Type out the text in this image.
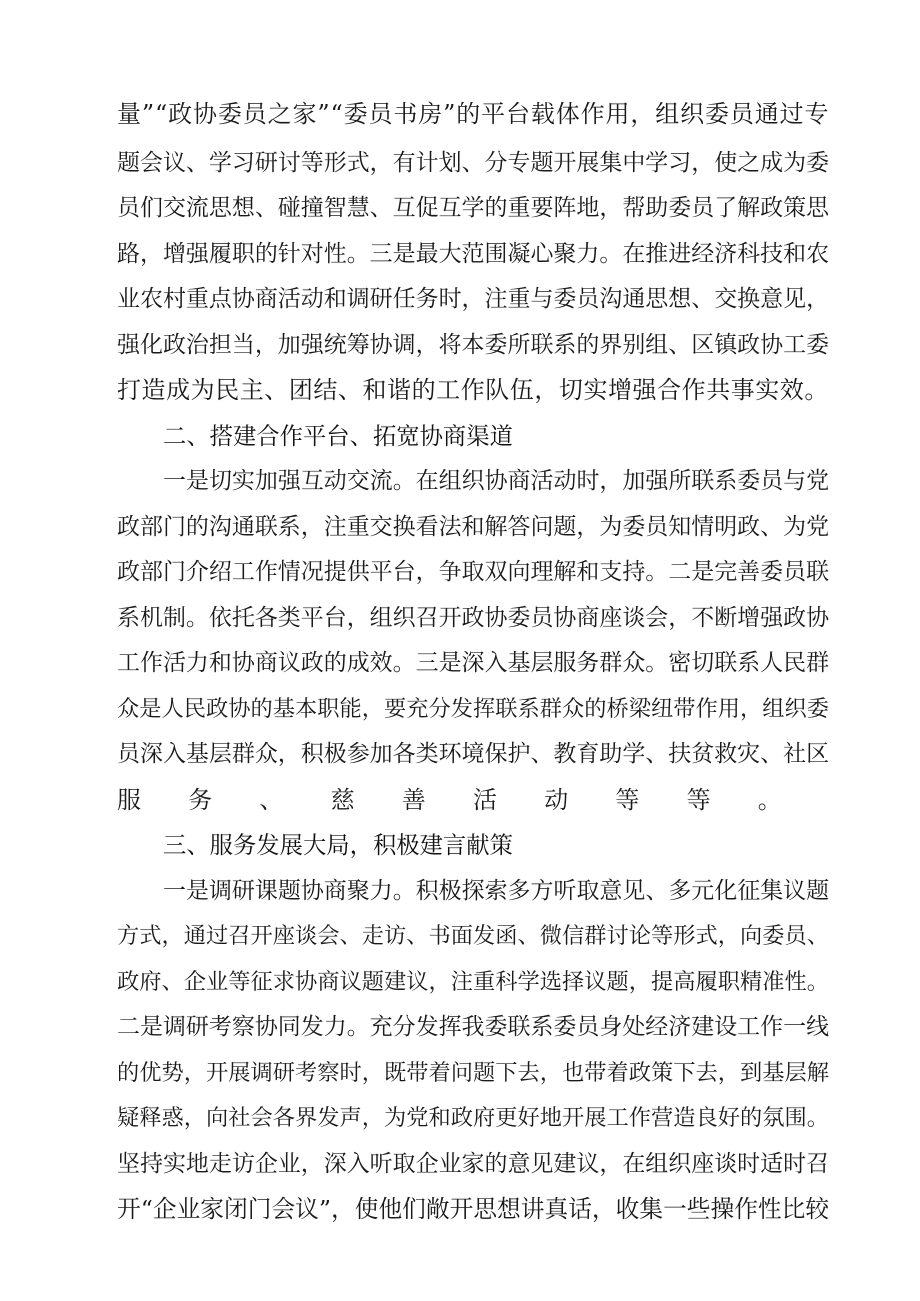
量”“政协委员之家”“委员书房”的平台载体作用，组织委员通过专
题会议、学习研讨等形式，有计划、分专题开展集中学习，使之成为委
员们交流思想、碰撞智慧、互促互学的重要阵地，帮助委员了解政策思
路，增强履职的针对性。三是最大范围凝心聚力。在推进经济科技和农
业农村重点协商活动和调研任务时，注重与委员沟通思想、交换意见，
强化政治担当，加强统筹协调，将本委所联系的界别组、区镇政协工委
打造成为民主、团结、和谐的工作队伍，切实增强合作共事实效。
二、搭建合作平台、拓宽协商渠道
一是切实加强互动交流。在组织协商活动时，加强所联系委员与党
政部门的沟通联系，注重交换看法和解答问题，为委员知情明政、为党
政部门介绍工作情况提供平台，争取双向理解和支持。二是完善委员联
系机制。依托各类平台，组织召开政协委员协商座谈会，不断增强政协
工作活力和协商议政的成效。三是深入基层服务群众。密切联系人民群
众是人民政协的基本职能，要充分发挥联系群众的桥梁纽带作用，组织委
员深入基层群众，积极参加各类环境保护、教育助学、扶贫救灾、社区
服务、慈善活动等等。
三、服务发展大局，积极建言献策
一是调研课题协商聚力。积极探索多方听取意见、多元化征集议题
方式，通过召开座谈会、走访、书面发函、微信群讨论等形式，向委员、
政府、企业等征求协商议题建议，注重科学选择议题，提高履职精准性。
二是调研考察协同发力。充分发挥我委联系委员身处经济建设工作一线
的优势，开展调研考察时，既带着问题下去，也带着政策下去，到基层解
疑释惑，向社会各界发声，为党和政府更好地开展工作营造良好的氛围。
坚持实地走访企业，深入听取企业家的意见建议，在组织座谈时适时召
开“企业家闭门会议”，使他们敞开思想讲真话，收集一些操作性比较
